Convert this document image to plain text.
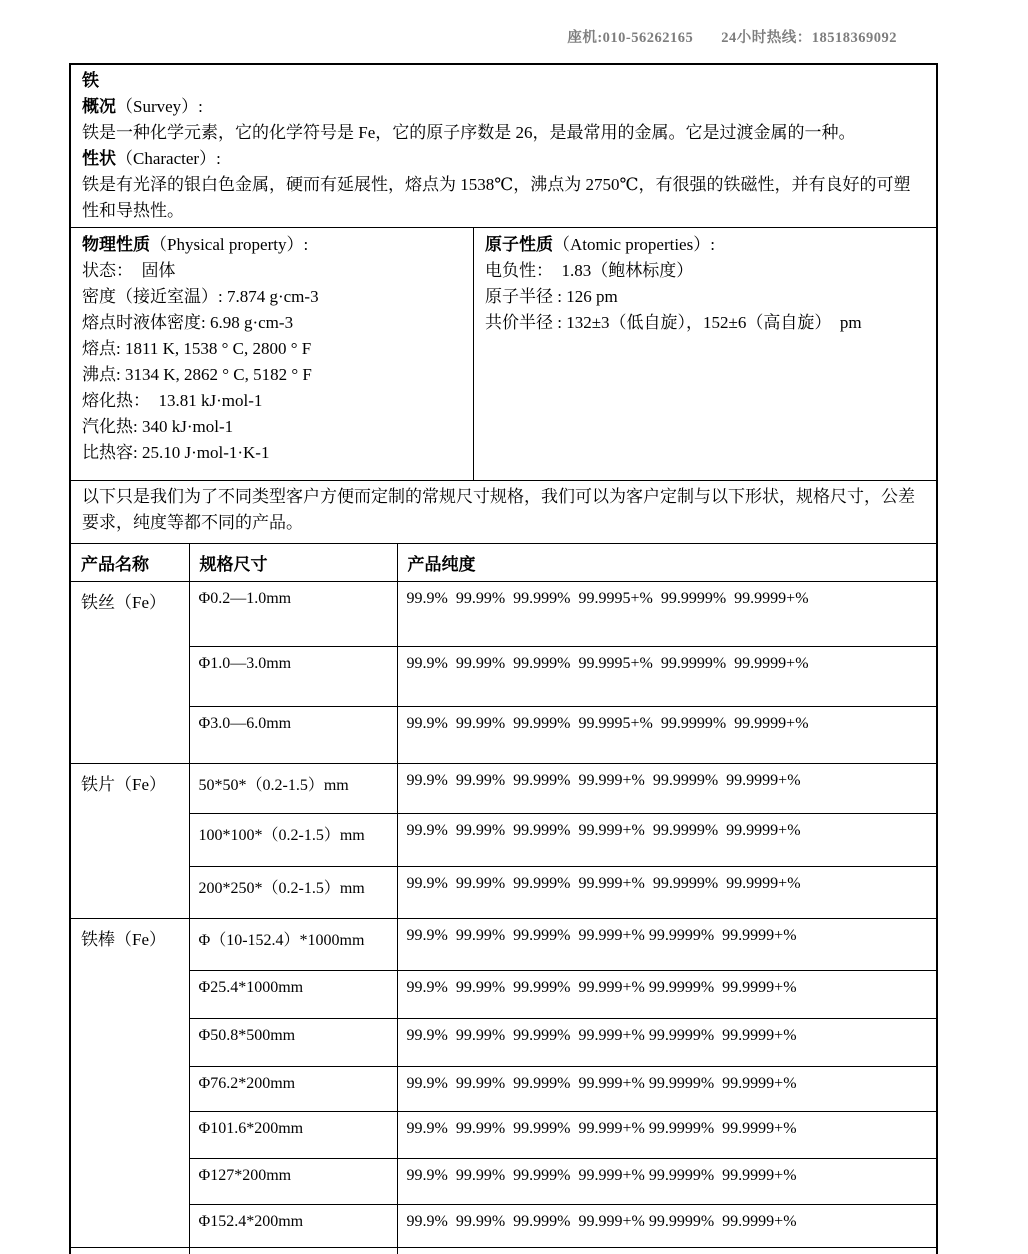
座机:010-56262165 24小时热线：18518369092
铁
概况（Survey）:
铁是一种化学元素，它的化学符号是 Fe，它的原子序数是 26，是最常用的金属。它是过渡金属的一种。
性状（Character）:
铁是有光泽的银白色金属，硬而有延展性，熔点为 1538℃，沸点为 2750℃，有很强的铁磁性，并有良好的可塑性和导热性。
物理性质（Physical property）:
状态：  固体
密度（接近室温）: 7.874 g·cm-3
熔点时液体密度: 6.98 g·cm-3
熔点: 1811 K, 1538 ° C, 2800 ° F
沸点: 3134 K, 2862 ° C, 5182 ° F
熔化热：  13.81 kJ·mol-1
汽化热: 340 kJ·mol-1
比热容: 25.10 J·mol-1·K-1
原子性质（Atomic properties）:
电负性：  1.83（鲍林标度）
原子半径 : 126 pm
共价半径 : 132±3（低自旋），152±6（高自旋）  pm
以下只是我们为了不同类型客户方便而定制的常规尺寸规格，我们可以为客户定制与以下形状，规格尺寸，公差要求，纯度等都不同的产品。
产品名称	规格尺寸	产品纯度
铁丝（Fe）	Φ0.2—1.0mm	99.9%  99.99%  99.999%  99.9995+%  99.9999%  99.9999+%
	Φ1.0—3.0mm	99.9%  99.99%  99.999%  99.9995+%  99.9999%  99.9999+%
	Φ3.0—6.0mm	99.9%  99.99%  99.999%  99.9995+%  99.9999%  99.9999+%
铁片（Fe）	50*50*（0.2-1.5）mm	99.9%  99.99%  99.999%  99.999+%  99.9999%  99.9999+%
	100*100*（0.2-1.5）mm	99.9%  99.99%  99.999%  99.999+%  99.9999%  99.9999+%
	200*250*（0.2-1.5）mm	99.9%  99.99%  99.999%  99.999+%  99.9999%  99.9999+%
铁棒（Fe）	Φ（10-152.4）*1000mm	99.9%  99.99%  99.999%  99.999+% 99.9999%  99.9999+%
	Φ25.4*1000mm	99.9%  99.99%  99.999%  99.999+% 99.9999%  99.9999+%
	Φ50.8*500mm	99.9%  99.99%  99.999%  99.999+% 99.9999%  99.9999+%
	Φ76.2*200mm	99.9%  99.99%  99.999%  99.999+% 99.9999%  99.9999+%
	Φ101.6*200mm	99.9%  99.99%  99.999%  99.999+% 99.9999%  99.9999+%
	Φ127*200mm	99.9%  99.99%  99.999%  99.999+% 99.9999%  99.9999+%
	Φ152.4*200mm	99.9%  99.99%  99.999%  99.999+% 99.9999%  99.9999+%
